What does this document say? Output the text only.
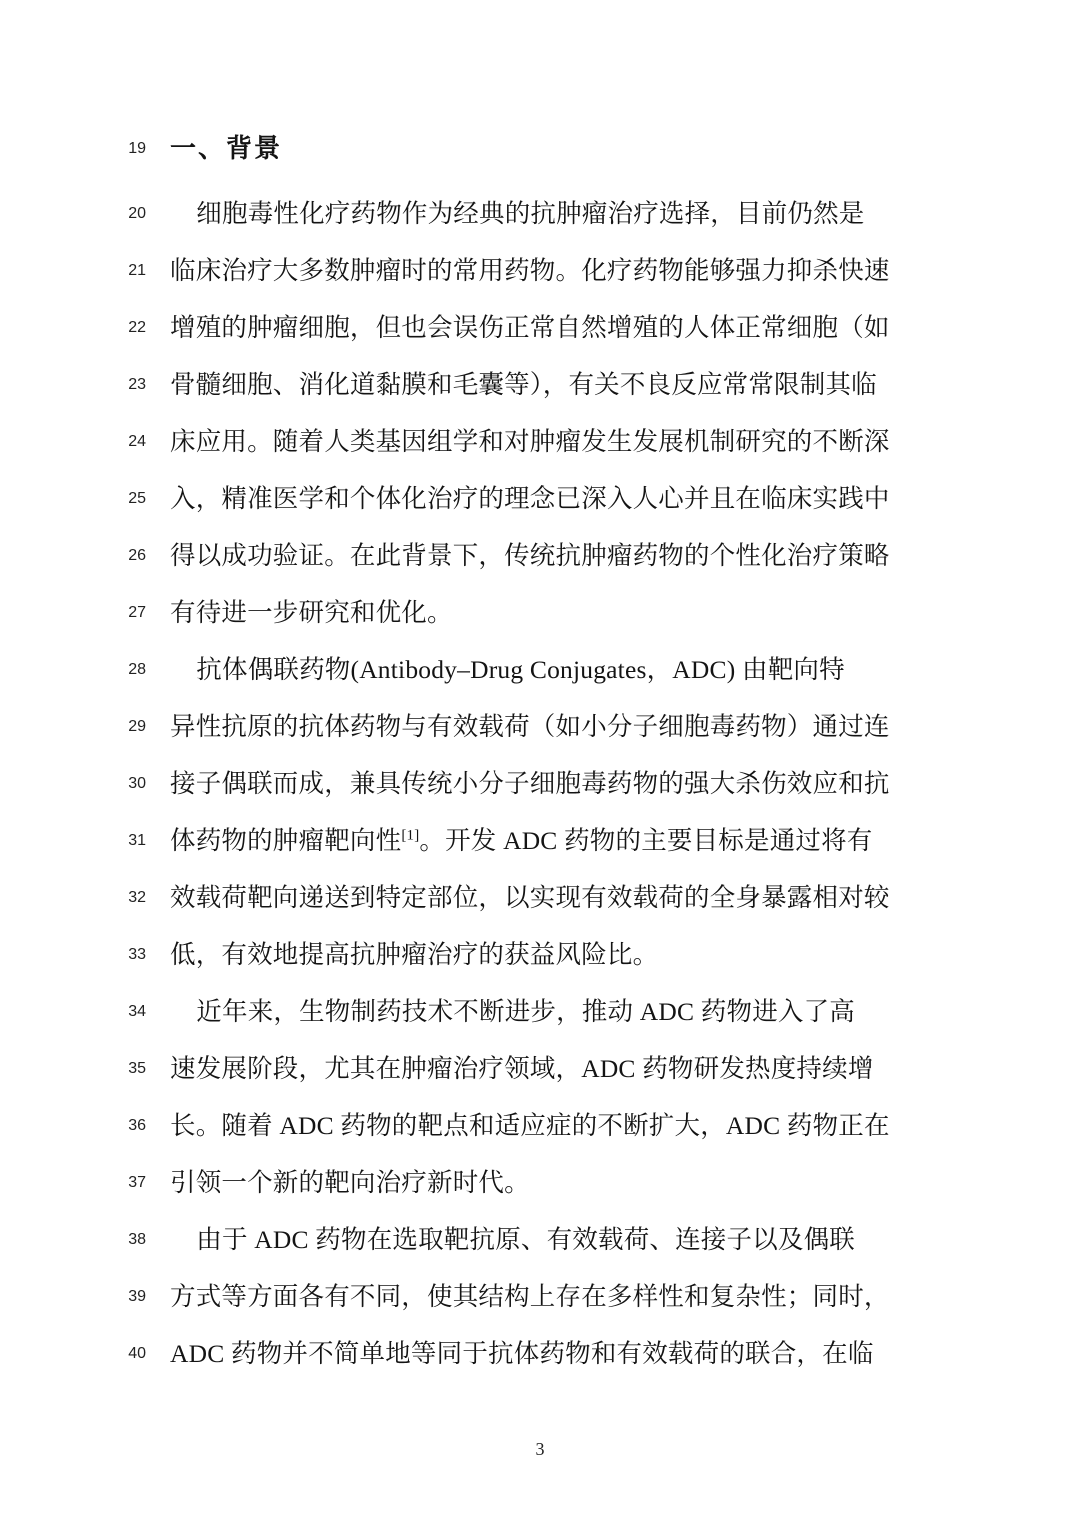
19 一、背景
20 细胞毒性化疗药物作为经典的抗肿瘤治疗选择，目前仍然是
21 临床治疗大多数肿瘤时的常用药物。化疗药物能够强力抑杀快速
22 增殖的肿瘤细胞，但也会误伤正常自然增殖的人体正常细胞（如
23 骨髓细胞、消化道黏膜和毛囊等），有关不良反应常常限制其临
24 床应用。随着人类基因组学和对肿瘤发生发展机制研究的不断深
25 入，精准医学和个体化治疗的理念已深入人心并且在临床实践中
26 得以成功验证。在此背景下，传统抗肿瘤药物的个性化治疗策略
27 有待进一步研究和优化。
28 抗体偶联药物(Antibody–Drug Conjugates，ADC) 由靶向特
29 异性抗原的抗体药物与有效载荷（如小分子细胞毒药物）通过连
30 接子偶联而成，兼具传统小分子细胞毒药物的强大杀伤效应和抗
31 体药物的肿瘤靶向性[1]。开发 ADC 药物的主要目标是通过将有
32 效载荷靶向递送到特定部位，以实现有效载荷的全身暴露相对较
33 低，有效地提高抗肿瘤治疗的获益风险比。
34 近年来，生物制药技术不断进步，推动 ADC 药物进入了高
35 速发展阶段，尤其在肿瘤治疗领域，ADC 药物研发热度持续增
36 长。随着 ADC 药物的靶点和适应症的不断扩大，ADC 药物正在
37 引领一个新的靶向治疗新时代。
38 由于 ADC 药物在选取靶抗原、有效载荷、连接子以及偶联
39 方式等方面各有不同，使其结构上存在多样性和复杂性；同时，
40 ADC 药物并不简单地等同于抗体药物和有效载荷的联合，在临
3
